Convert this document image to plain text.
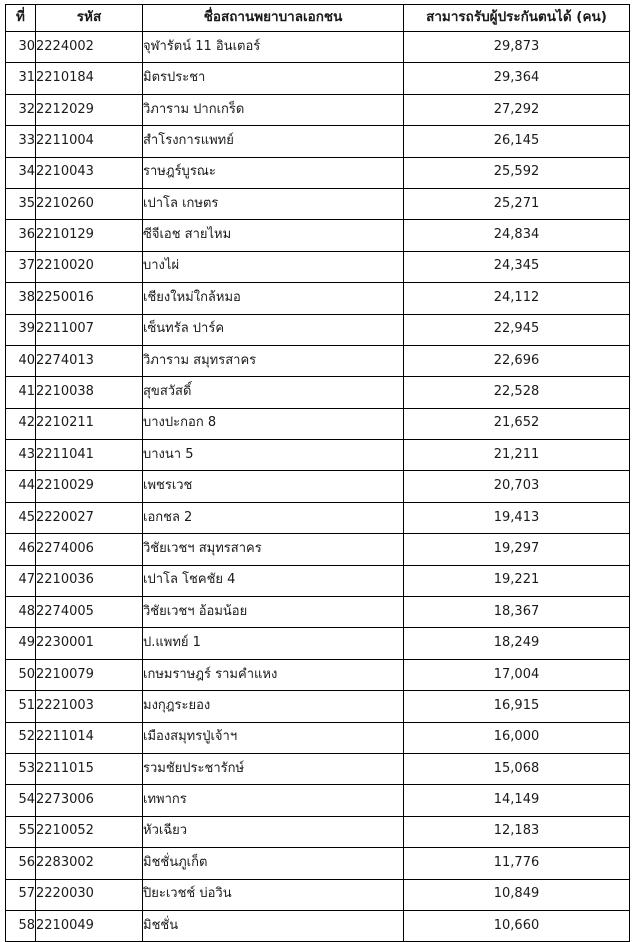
ที่	รหัส	ชื่อสถานพยาบาลเอกชน	สามารถรับผู้ประกันตนได้ (คน)
30	2224002	จุฬารัตน์ 11 อินเตอร์	29,873
31	2210184	มิตรประชา	29,364
32	2212029	วิภาราม ปากเกร็ด	27,292
33	2211004	สำโรงการแพทย์	26,145
34	2210043	ราษฎร์บูรณะ	25,592
35	2210260	เปาโล เกษตร	25,271
36	2210129	ซีจีเอช สายไหม	24,834
37	2210020	บางไผ่	24,345
38	2250016	เชียงใหม่ใกล้หมอ	24,112
39	2211007	เซ็นทรัล ปาร์ค	22,945
40	2274013	วิภาราม สมุทรสาคร	22,696
41	2210038	สุขสวัสดิ์	22,528
42	2210211	บางปะกอก 8	21,652
43	2211041	บางนา 5	21,211
44	2210029	เพชรเวช	20,703
45	2220027	เอกชล 2	19,413
46	2274006	วิชัยเวชฯ สมุทรสาคร	19,297
47	2210036	เปาโล โชคชัย 4	19,221
48	2274005	วิชัยเวชฯ อ้อมน้อย	18,367
49	2230001	ป.แพทย์ 1	18,249
50	2210079	เกษมราษฎร์ รามคำแหง	17,004
51	2221003	มงกุฎระยอง	16,915
52	2211014	เมืองสมุทรปู่เจ้าฯ	16,000
53	2211015	รวมชัยประชารักษ์	15,068
54	2273006	เทพากร	14,149
55	2210052	หัวเฉียว	12,183
56	2283002	มิชชั่นภูเก็ต	11,776
57	2220030	ปิยะเวชช์ บ่อวิน	10,849
58	2210049	มิชชั่น	10,660
